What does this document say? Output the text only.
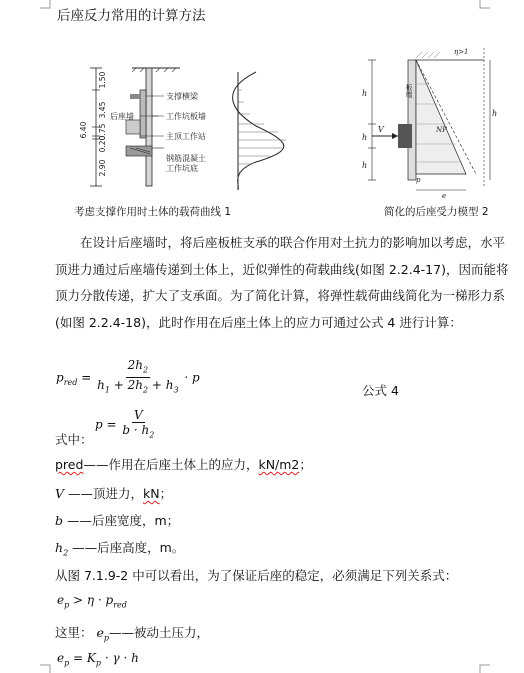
后座反力常用的计算方法
6.40
1.50
3.45
0.75
0.20
2.90
支撑横梁
后座墙	工作坑板墙
主顶工作站
钢筋混凝土
工作坑底
考虑支撑作用时土体的载荷曲线 1
η>1
板墙
h
h
h
h
V	NP
p
e
简化的后座受力模型 2

在设计后座墙时，将后座板桩支承的联合作用对土抗力的影响加以考虑，水平顶进力通过后座墙传递到土体上，近似弹性的荷载曲线(如图 2.2.4-17)，因而能将顶力分散传递，扩大了支承面。为了简化计算，将弹性载荷曲线简化为一梯形力系(如图 2.2.4-18)，此时作用在后座土体上的应力可通过公式 4 进行计算：

$p_{red} = \frac{2h_2}{h_1 + 2h_2 + h_3} \cdot p$
公式 4
$p = \frac{V}{b \cdot h_2}$
式中：
pred——作用在后座土体上的应力，kN/m2；
V ——顶进力，kN；
b ——后座宽度，m；
$h_2$ ——后座高度，m。
从图 7.1.9-2 中可以看出，为了保证后座的稳定，必须满足下列关系式：
$e_p > \eta \cdot p_{red}$
这里： $e_p——$被动土压力，
$e_p = K_p \cdot \gamma \cdot h$
